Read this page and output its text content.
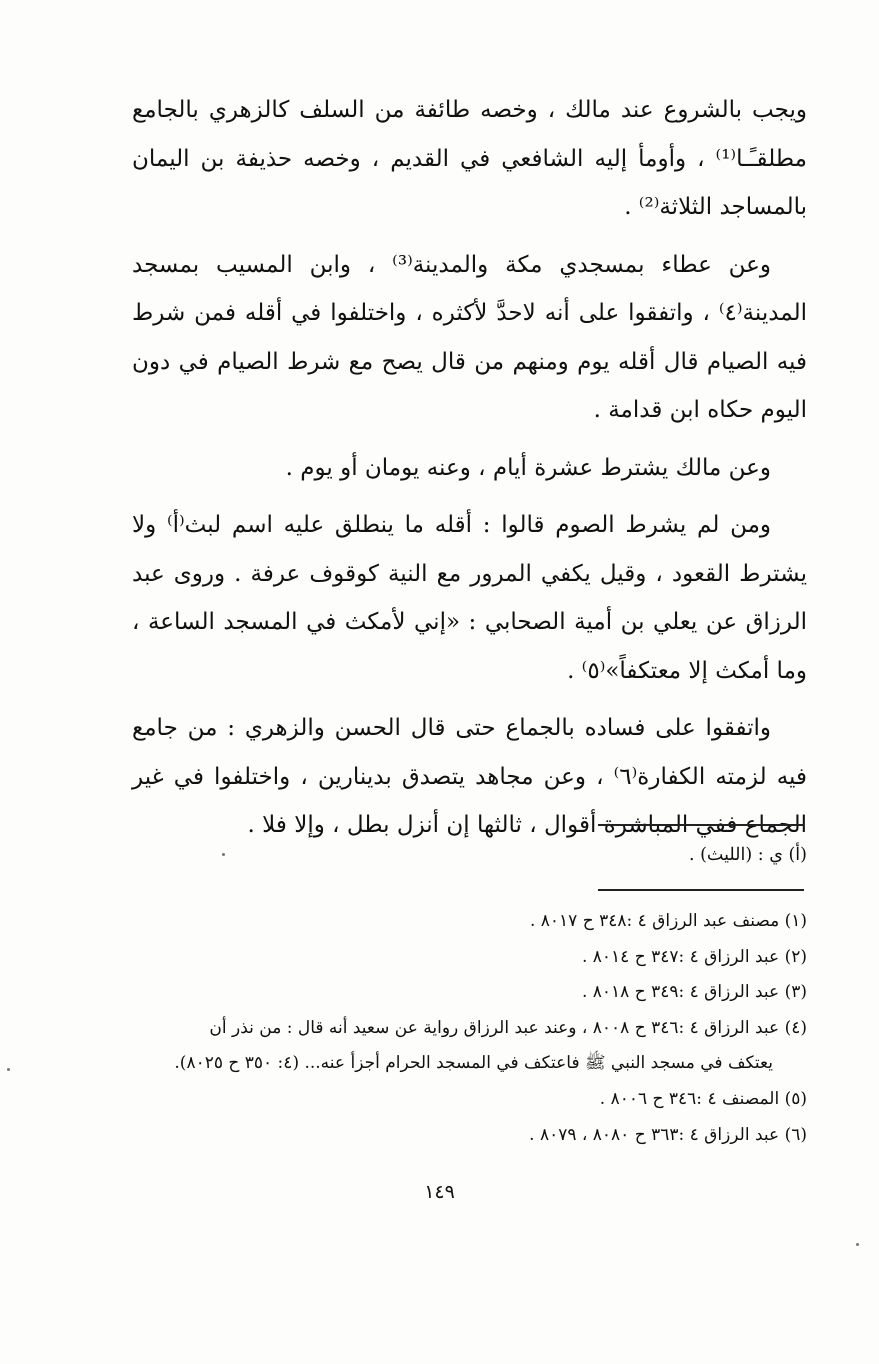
ويجب بالشروع عند مالك ، وخصه طائفة من السلف كالزهري بالجامع مطلقـًـا⁽¹⁾ ، وأومأ إليه الشافعي في القديم ، وخصه حذيفة بن اليمان بالمساجد الثلاثة⁽²⁾ .

وعن عطاء بمسجدي مكة والمدينة⁽³⁾ ، وابن المسيب بمسجد المدينة⁽٤⁾ ، واتفقوا على أنه لاحدَّ لأكثره ، واختلفوا في أقله فمن شرط فيه الصيام قال أقله يوم ومنهم من قال يصح مع شرط الصيام في دون اليوم حكاه ابن قدامة .

وعن مالك يشترط عشرة أيام ، وعنه يومان أو يوم .

ومن لم يشرط الصوم قالوا : أقله ما ينطلق عليه اسم لبث⁽أ⁾ ولا يشترط القعود ، وقيل يكفي المرور مع النية كوقوف عرفة . وروى عبد الرزاق عن يعلي بن أمية الصحابي : «إني لأمكث في المسجد الساعة ، وما أمكث إلا معتكفاً»⁽٥⁾ .

واتفقوا على فساده بالجماع حتى قال الحسن والزهري : من جامع فيه لزمته الكفارة⁽٦⁾ ، وعن مجاهد يتصدق بدينارين ، واختلفوا في غير الجماع ففي المباشرة أقوال ، ثالثها إن أنزل بطل ، وإلا فلا .

(أ) ي : (الليث) .

(١) مصنف عبد الرزاق ٤ :٣٤٨ ح ٨٠١٧ .

(٢) عبد الرزاق ٤ :٣٤٧ ح ٨٠١٤ .

(٣) عبد الرزاق ٤ :٣٤٩ ح ٨٠١٨ .

(٤) عبد الرزاق ٤ :٣٤٦ ح ٨٠٠٨ ، وعند عبد الرزاق رواية عن سعيد أنه قال : من نذر أن

يعتكف في مسجد النبي ﷺ فاعتكف في المسجد الحرام أجزأ عنه... (٤: ٣٥٠ ح ٨٠٢٥).

(٥) المصنف ٤ :٣٤٦ ح ٨٠٠٦ .

(٦) عبد الرزاق ٤ :٣٦٣ ح ٨٠٨٠ ، ٨٠٧٩ .

١٤٩
